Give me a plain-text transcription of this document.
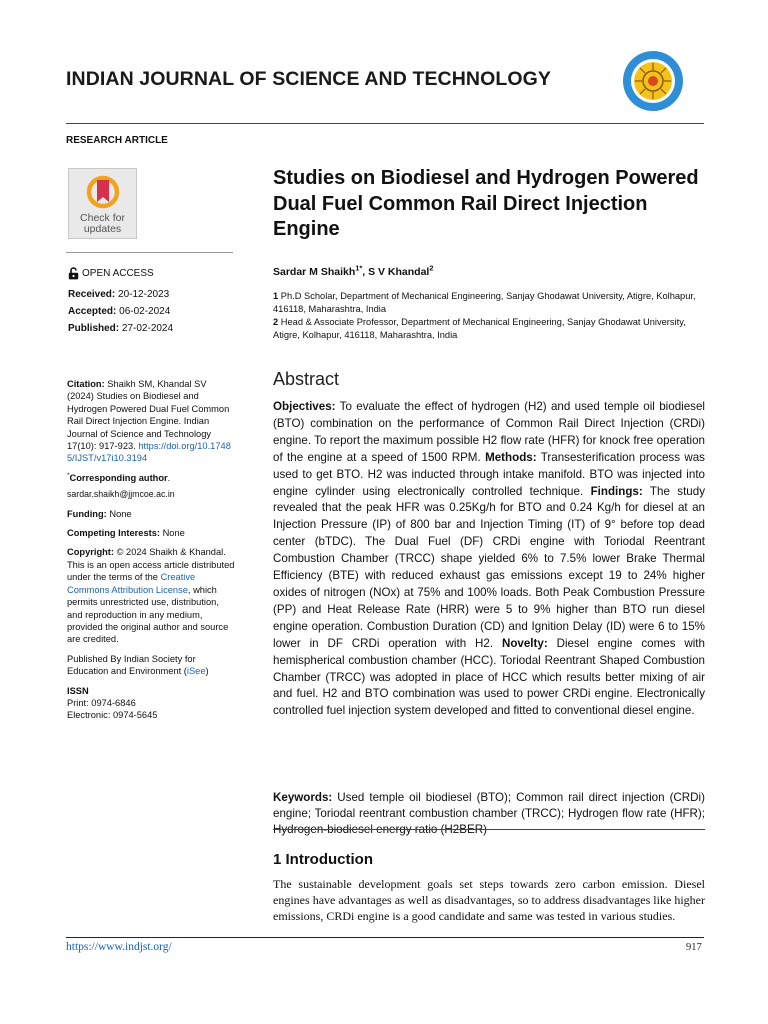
INDIAN JOURNAL OF SCIENCE AND TECHNOLOGY
RESEARCH ARTICLE
Check for
updates
OPEN ACCESS
Received: 20-12-2023
Accepted: 06-02-2024
Published: 27-02-2024

Citation: Shaikh SM, Khandal SV (2024) Studies on Biodiesel and Hydrogen Powered Dual Fuel Common Rail Direct Injection Engine. Indian Journal of Science and Technology 17(10): 917-923. https://doi.org/10.17485/IJST/v17i10.3194

*Corresponding author.

sardar.shaikh@jjmcoe.ac.in

Funding: None

Competing Interests: None

Copyright: © 2024 Shaikh & Khandal. This is an open access article distributed under the terms of the Creative Commons Attribution License, which permits unrestricted use, distribution, and reproduction in any medium, provided the original author and source are credited.

Published By Indian Society for Education and Environment (iSee)

ISSN
Print: 0974-6846
Electronic: 0974-5645

Studies on Biodiesel and Hydrogen Powered Dual Fuel Common Rail Direct Injection Engine
Sardar M Shaikh$^{1*}$, S V Khandal$^2$

1 Ph.D Scholar, Department of Mechanical Engineering, Sanjay Ghodawat University, Atigre, Kolhapur, 416118, Maharashtra, India

2 Head & Associate Professor, Department of Mechanical Engineering, Sanjay Ghodawat University, Atigre, Kolhapur, 416118, Maharashtra, India

Abstract

Objectives: To evaluate the effect of hydrogen (H2) and used temple oil biodiesel (BTO) combination on the performance of Common Rail Direct Injection (CRDi) engine. To report the maximum possible H2 flow rate (HFR) for knock free operation of the engine at a speed of 1500 RPM. Methods: Transesterification process was used to get BTO. H2 was inducted through intake manifold. BTO was injected into engine cylinder using electronically controlled technique. Findings: The study revealed that the peak HFR was 0.25Kg/h for BTO and 0.24 Kg/h for diesel at an Injection Pressure (IP) of 800 bar and Injection Timing (IT) of 9° before top dead center (bTDC). The Dual Fuel (DF) CRDi engine with Toriodal Reentrant Combustion Chamber (TRCC) shape yielded 6% to 7.5% lower Brake Thermal Efficiency (BTE) with reduced exhaust gas emissions except 19 to 24% higher oxides of nitrogen (NOx) at 75% and 100% loads. Both Peak Combustion Pressure (PP) and Heat Release Rate (HRR) were 5 to 9% higher than BTO run diesel engine operation. Combustion Duration (CD) and Ignition Delay (ID) were 6 to 15% lower in DF CRDi operation with H2. Novelty: Diesel engine comes with hemispherical combustion chamber (HCC). Toriodal Reentrant Shaped Combustion Chamber (TRCC) was adopted in place of HCC which results better mixing of air and fuel. H2 and BTO combination was used to power CRDi engine. Electronically controlled fuel injection system developed and fitted to conventional diesel engine.

Keywords: Used temple oil biodiesel (BTO); Common rail direct injection (CRDi) engine; Toriodal reentrant combustion chamber (TRCC); Hydrogen flow rate (HFR); Hydrogen-biodiesel energy ratio (H2BER)
1 Introduction
The sustainable development goals set steps towards zero carbon emission. Diesel engines have advantages as well as disadvantages, so to address disadvantages like higher emissions, CRDi engine is a good candidate and same was tested in various studies.
https://www.indjst.org/	917
